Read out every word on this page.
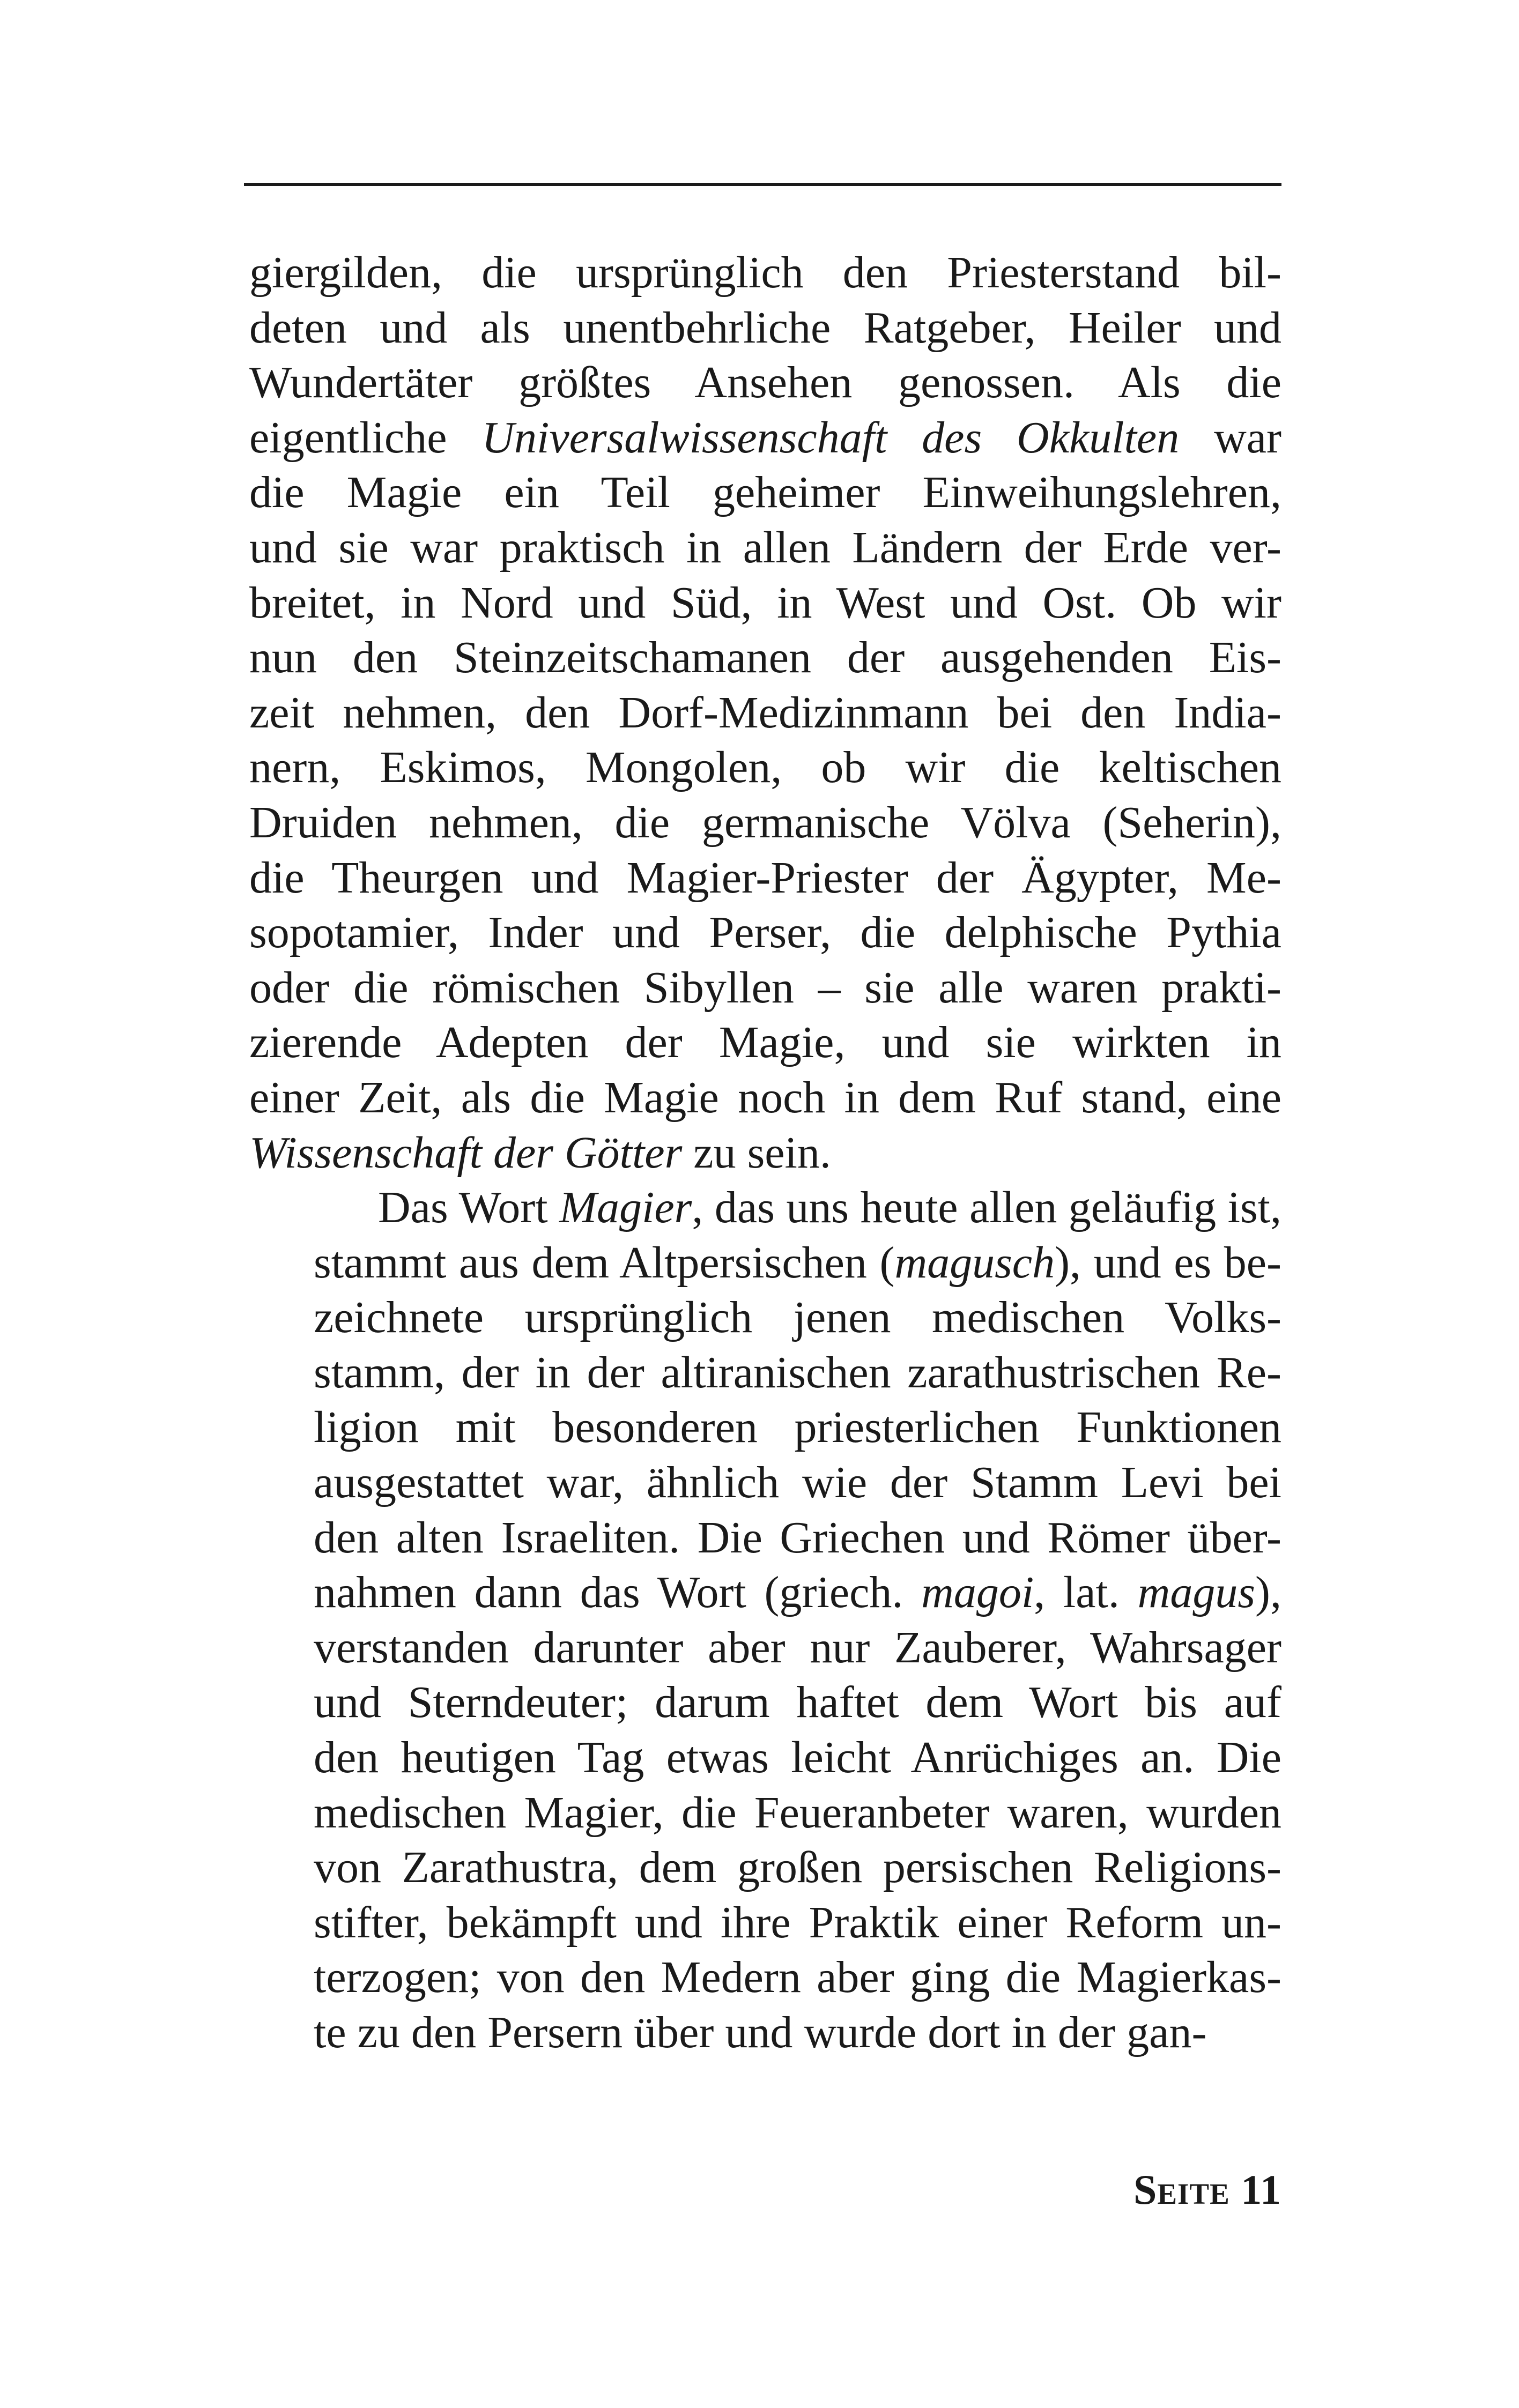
giergilden, die ursprünglich den Priesterstand bil-
deten und als unentbehrliche Ratgeber, Heiler und
Wundertäter größtes Ansehen genossen. Als die
eigentliche Universalwissenschaft des Okkulten war
die Magie ein Teil geheimer Einweihungslehren,
und sie war praktisch in allen Ländern der Erde ver-
breitet, in Nord und Süd, in West und Ost. Ob wir
nun den Steinzeitschamanen der ausgehenden Eis-
zeit nehmen, den Dorf-Medizinmann bei den India-
nern, Eskimos, Mongolen, ob wir die keltischen
Druiden nehmen, die germanische Völva (Seherin),
die Theurgen und Magier-Priester der Ägypter, Me-
sopotamier, Inder und Perser, die delphische Pythia
oder die römischen Sibyllen – sie alle waren prakti-
zierende Adepten der Magie, und sie wirkten in
einer Zeit, als die Magie noch in dem Ruf stand, eine
Wissenschaft der Götter zu sein.

Das Wort Magier, das uns heute allen geläufig ist,
stammt aus dem Altpersischen (magusch), und es be-
zeichnete ursprünglich jenen medischen Volks-
stamm, der in der altiranischen zarathustrischen Re-
ligion mit besonderen priesterlichen Funktionen
ausgestattet war, ähnlich wie der Stamm Levi bei
den alten Israeliten. Die Griechen und Römer über-
nahmen dann das Wort (griech. magoi, lat. magus),
verstanden darunter aber nur Zauberer, Wahrsager
und Sterndeuter; darum haftet dem Wort bis auf
den heutigen Tag etwas leicht Anrüchiges an. Die
medischen Magier, die Feueranbeter waren, wurden
von Zarathustra, dem großen persischen Religions-
stifter, bekämpft und ihre Praktik einer Reform un-
terzogen; von den Medern aber ging die Magierkas-
te zu den Persern über und wurde dort in der gan-

Seite 11
